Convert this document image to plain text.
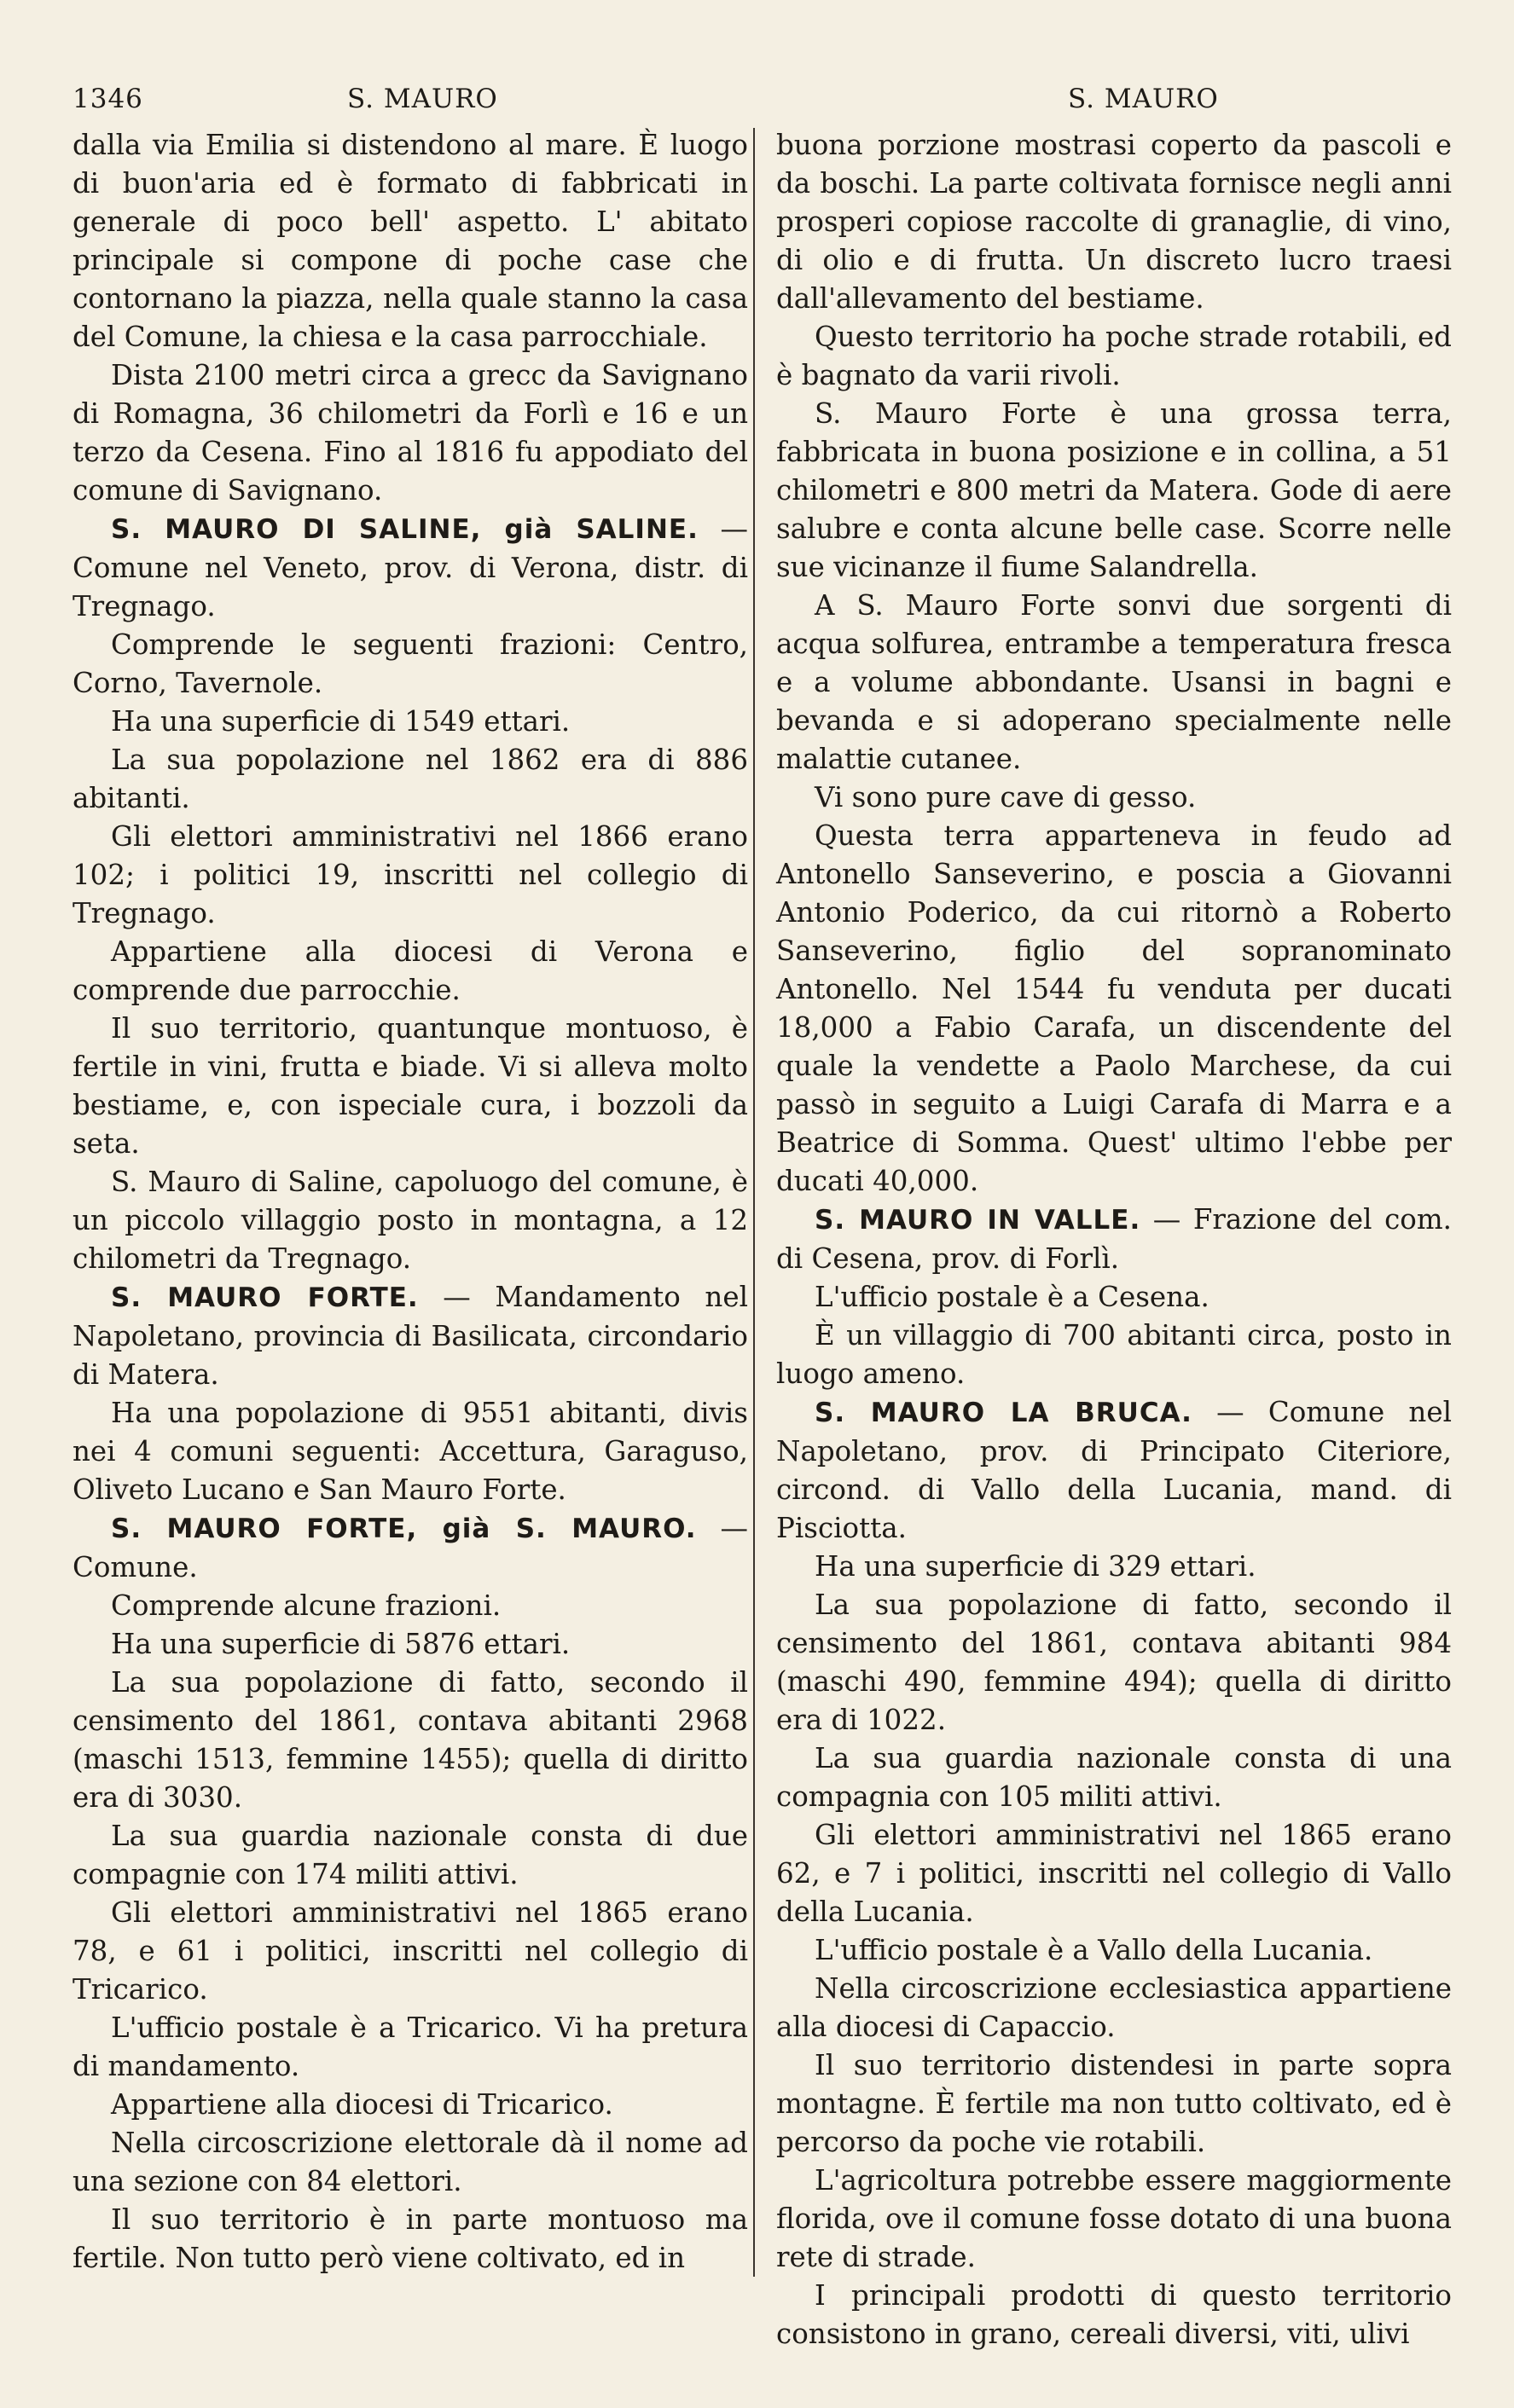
1346	S. MAURO	S. MAURO

dalla via Emilia si distendono al mare. È luogo di buon'aria ed è formato di fabbricati in generale di poco bell' aspetto. L' abitato principale si compone di poche case che contornano la piazza, nella quale stanno la casa del Comune, la chiesa e la casa parrocchiale.

Dista 2100 metri circa a grecc da Savignano di Romagna, 36 chilometri da Forlì e 16 e un terzo da Cesena. Fino al 1816 fu appodiato del comune di Savignano.

S. MAURO DI SALINE, già SALINE. — Comune nel Veneto, prov. di Verona, distr. di Tregnago.

Comprende le seguenti frazioni: Centro, Corno, Tavernole.

Ha una superficie di 1549 ettari.

La sua popolazione nel 1862 era di 886 abitanti.

Gli elettori amministrativi nel 1866 erano 102; i politici 19, inscritti nel collegio di Tregnago.

Appartiene alla diocesi di Verona e comprende due parrocchie.

Il suo territorio, quantunque montuoso, è fertile in vini, frutta e biade. Vi si alleva molto bestiame, e, con ispeciale cura, i bozzoli da seta.

S. Mauro di Saline, capoluogo del comune, è un piccolo villaggio posto in montagna, a 12 chilometri da Tregnago.

S. MAURO FORTE. — Mandamento nel Napoletano, provincia di Basilicata, circondario di Matera.

Ha una popolazione di 9551 abitanti, divis nei 4 comuni seguenti: Accettura, Garaguso, Oliveto Lucano e San Mauro Forte.

S. MAURO FORTE, già S. MAURO. — Comune.

Comprende alcune frazioni.

Ha una superficie di 5876 ettari.

La sua popolazione di fatto, secondo il censimento del 1861, contava abitanti 2968 (maschi 1513, femmine 1455); quella di diritto era di 3030.

La sua guardia nazionale consta di due compagnie con 174 militi attivi.

Gli elettori amministrativi nel 1865 erano 78, e 61 i politici, inscritti nel collegio di Tricarico.

L'ufficio postale è a Tricarico. Vi ha pretura di mandamento.

Appartiene alla diocesi di Tricarico.

Nella circoscrizione elettorale dà il nome ad una sezione con 84 elettori.

Il suo territorio è in parte montuoso ma fertile. Non tutto però viene coltivato, ed in

buona porzione mostrasi coperto da pascoli e da boschi. La parte coltivata fornisce negli anni prosperi copiose raccolte di granaglie, di vino, di olio e di frutta. Un discreto lucro traesi dall'allevamento del bestiame.

Questo territorio ha poche strade rotabili, ed è bagnato da varii rivoli.

S. Mauro Forte è una grossa terra, fabbricata in buona posizione e in collina, a 51 chilometri e 800 metri da Matera. Gode di aere salubre e conta alcune belle case. Scorre nelle sue vicinanze il fiume Salandrella.

A S. Mauro Forte sonvi due sorgenti di acqua solfurea, entrambe a temperatura fresca e a volume abbondante. Usansi in bagni e bevanda e si adoperano specialmente nelle malattie cutanee.

Vi sono pure cave di gesso.

Questa terra apparteneva in feudo ad Antonello Sanseverino, e poscia a Giovanni Antonio Poderico, da cui ritornò a Roberto Sanseverino, figlio del sopranominato Antonello. Nel 1544 fu venduta per ducati 18,000 a Fabio Carafa, un discendente del quale la vendette a Paolo Marchese, da cui passò in seguito a Luigi Carafa di Marra e a Beatrice di Somma. Quest' ultimo l'ebbe per ducati 40,000.

S. MAURO IN VALLE. — Frazione del com. di Cesena, prov. di Forlì.

L'ufficio postale è a Cesena.

È un villaggio di 700 abitanti circa, posto in luogo ameno.

S. MAURO LA BRUCA. — Comune nel Napoletano, prov. di Principato Citeriore, circond. di Vallo della Lucania, mand. di Pisciotta.

Ha una superficie di 329 ettari.

La sua popolazione di fatto, secondo il censimento del 1861, contava abitanti 984 (maschi 490, femmine 494); quella di diritto era di 1022.

La sua guardia nazionale consta di una compagnia con 105 militi attivi.

Gli elettori amministrativi nel 1865 erano 62, e 7 i politici, inscritti nel collegio di Vallo della Lucania.

L'ufficio postale è a Vallo della Lucania.

Nella circoscrizione ecclesiastica appartiene alla diocesi di Capaccio.

Il suo territorio distendesi in parte sopra montagne. È fertile ma non tutto coltivato, ed è percorso da poche vie rotabili.

L'agricoltura potrebbe essere maggiormente florida, ove il comune fosse dotato di una buona rete di strade.

I principali prodotti di questo territorio consistono in grano, cereali diversi, viti, ulivi
